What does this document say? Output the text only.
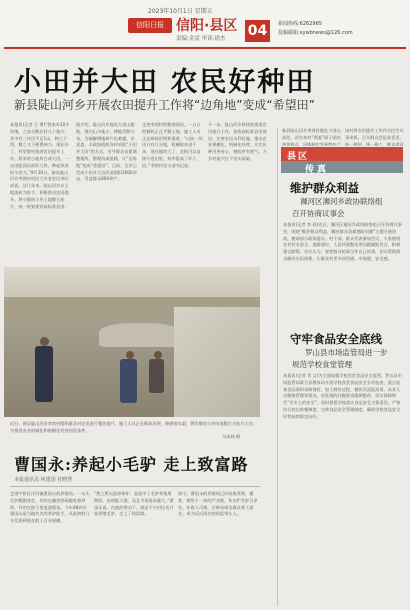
2023年10月1日 星期五
信阳日报 信阳·县区
责编:金雷 审读:徐杰 04	新闻热线:6262965
投稿邮箱:xywbnews@126.com
小田并大田 农民好种田
新县陡山河乡开展农田提升工作将“边角地”变成“希望田”
本报讯(记者 王 勇)“我家有10多块地，之前分散在好几个地方，其中有三块田不足1亩，种之不得，耕之又不便费神力。现在好了，村里整村推进农田提升工作，原来的小地块合成大田，一亩田能顶以前好几块，种起来省时又省力。”9月30日，新县陡山河乡李湾村村民大多老农民李红成说。这几年来，陡山河乡以土地流转为抓手，积极推动农田提升，将分散的小块土地整合连片，统一规划建设高标准农田。
据介绍，陡山河乡地处大别山腹地，境内山多地少，耕地零散分布。为破解耕地碎片化难题，乡党委、乡政府组织各村采取“小田并大田”的方式，引导群众自愿调整地块，整理沟渠道路，让“边角地”变成“希望田”。目前，全乡已完成小田并大田改造面积2000余亩，受益群众800余户。
走进李湾村的整理现场，一台台挖掘机正在平整土地，施工人员正在砌筑田埂和渠道。“以前一块田只有几分地，机械根本进不来，现在地块大了，农机可以直接开进田里，效率提高了好几倍。”李湾村党支部书记说。
下一步，陡山河乡将持续推进农田提升工作，加快高标准农田建设，完善农田水利设施，推动农业规模化、机械化经营，让农民种田更省心、增收更有底气，为乡村振兴打下坚实基础。
近日，新县陡山河乡李湾村组织群众对农田进行整治提升，施工人员正在砌筑田埂、修建排水渠，将零散的小块田地整合为连片大田，为推进农业机械化和规模化经营创造条件。
马成林 摄
曹国永:养起小毛驴 走上致富路
本报通讯员 何建国 付晓慧
走进平桥区洋河镇曹国永的养殖场，一头头毛驴膘肥体壮，有的在圈里悠闲地吃着草料，有的在院子里追逐嬉戏。今年48岁的曹国永是当地有名的养驴能手，从最初的几头发展到现在的上百头规模。
“我之所以选择养驴，是看中了毛驴养殖周期短、抗病能力强，而且市场需求量大。”曹国永说。在他的带动下，周边不少村民也开始养殖毛驴，走上了致富路。
如今，曹国永的养殖场已形成集养殖、繁育、销售于一体的产业链，年出栏毛驴百余头，年收入可观，还带动周边群众务工就业，成为远近闻名的致富带头人。
新县陡山河乡李湾村地处大别山深处，近年来村“两委”班子团结带领群众，因地制宜发展特色产
该村将农田提升工作作为民生实事来抓，召开群众会征求意见，统一规划、统一施工，群众满意
县区
传真
维护群众利益
浉河区浉河乡政协联络组
召开协商议事会
本报讯(记者 李 玥)近日，浉河区浉河乡政协联络组召开协商议事会，围绕“维护群众利益、解决群众急难愁盼问题”主题开展协商，邀请部分政协委员、村干部、群众代表参加会议，大家围绕农村饮水安全、道路建设、人居环境整治等问题踊跃发言，积极建言献策。会议认为，要把群众的事当作自己的事，切实帮助群众解决实际困难，让群众有更多获得感、幸福感、安全感。
守牢食品安全底线
罗山县市场监管局进一步
规范学校食堂管理
本报讯(记者 刘 文)为全面加强学校食堂食品安全监管，罗山县市场监管局联合县教体局开展学校食堂食品安全专项检查，重点检查食品原料采购查验、加工制作过程、餐饮具清洗消毒、从业人员健康管理等情况，对发现的问题要求限期整改，切实保障师生“舌尖上的安全”。同时督促学校落实食品安全主体责任，严格执行校长陪餐制度，完善食品安全管理制度，确保学校食品安全形势持续稳定向好。
